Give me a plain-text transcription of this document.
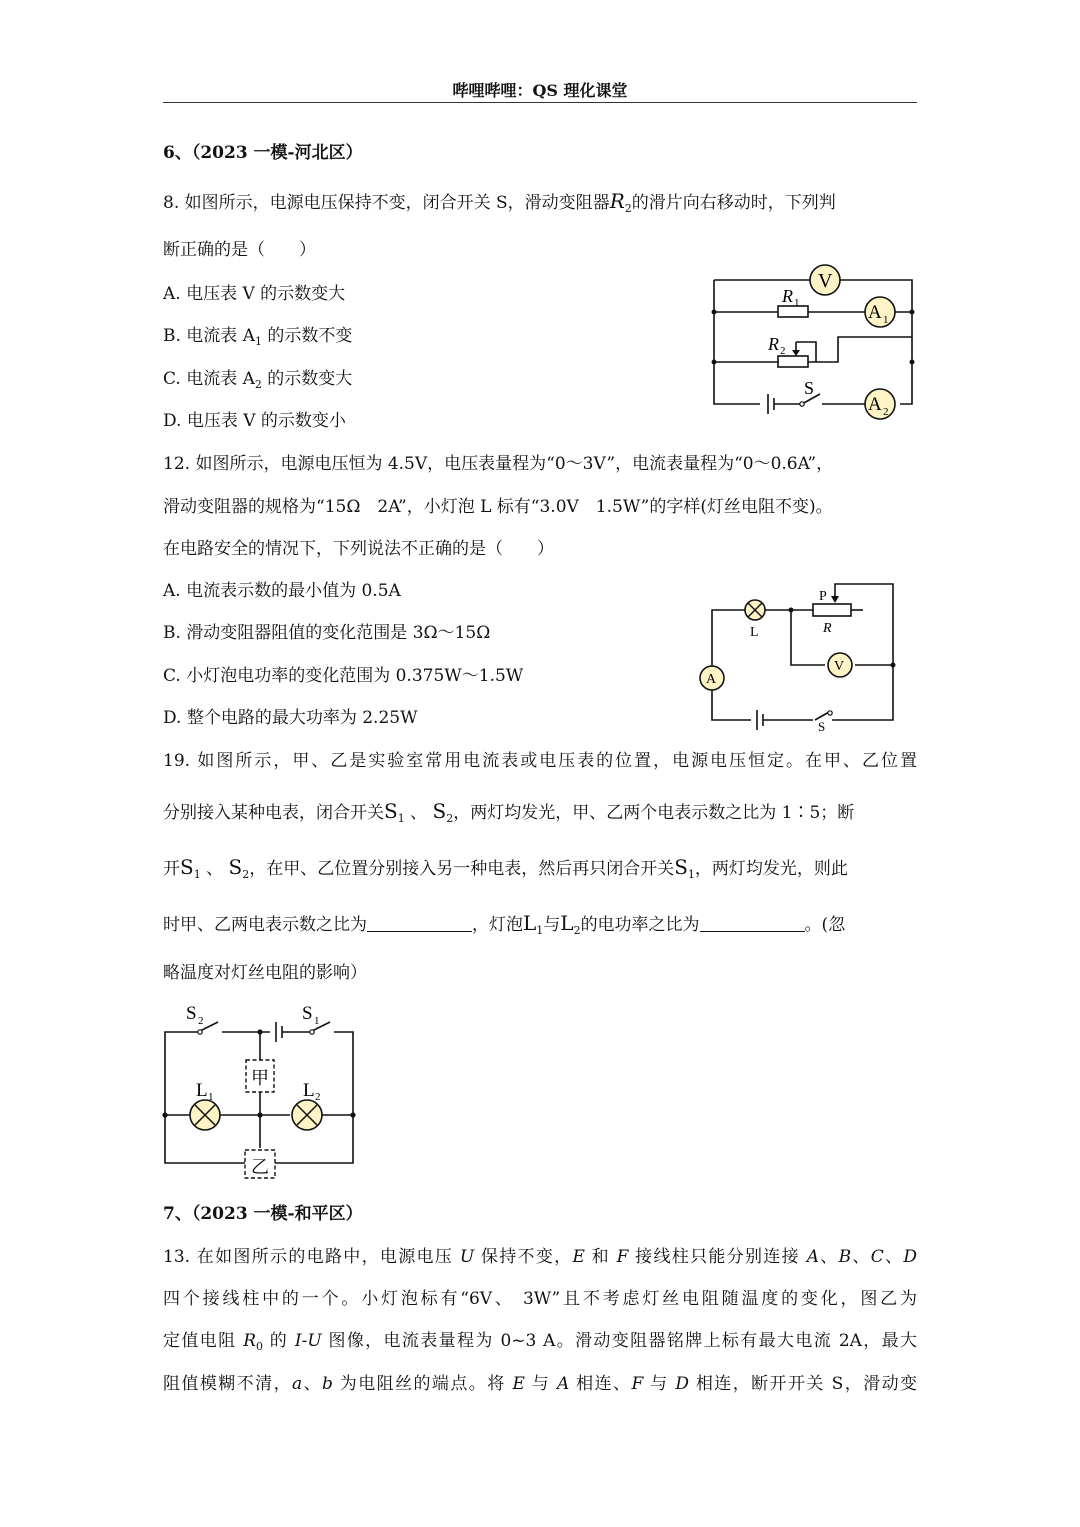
哔哩哔哩：QS 理化课堂
6、（2023 一模-河北区）
8. 如图所示，电源电压保持不变，闭合开关 S，滑动变阻器$R_2$的滑片向右移动时，下列判
断正确的是（　　）
A. 电压表 V 的示数变大
B. 电流表 $A_1$ 的示数不变
C. 电流表 $A_2$ 的示数变大
D. 电压表 V 的示数变小
V
A 1
A 2
R 1
R 2
S
12. 如图所示，电源电压恒为 4.5V，电压表量程为“0～3V”，电流表量程为“0～0.6A”，
滑动变阻器的规格为“15Ω　2A”，小灯泡 L 标有“3.0V　1.5W”的字样(灯丝电阻不变)。
在电路安全的情况下，下列说法不正确的是（　　）
A. 电流表示数的最小值为 0.5A
B. 滑动变阻器阻值的变化范围是 3Ω～15Ω
C. 小灯泡电功率的变化范围为 0.375W～1.5W
D. 整个电路的最大功率为 2.25W
L
P
R
V
A
S
19. 如图所示，甲、乙是实验室常用电流表或电压表的位置，电源电压恒定。在甲、乙位置
分别接入某种电表，闭合开关$S_1$ 、 $S_2$，两灯均发光，甲、乙两个电表示数之比为 1∶5；断
开$S_1$ 、 $S_2$，在甲、乙位置分别接入另一种电表，然后再只闭合开关$S_1$，两灯均发光，则此
时甲、乙两电表示数之比为	，灯泡$L_1$与$L_2$的电功率之比为	。(忽
略温度对灯丝电阻的影响）
S 2	S 1
甲
乙
L 1	L 2
7、（2023 一模-和平区）
13. 在如图所示的电路中，电源电压 U 保持不变，E 和 F 接线柱只能分别连接 A、B、C、D
四个接线柱中的一个。小灯泡标有“6V、 3W”且不考虑灯丝电阻随温度的变化，图乙为
定值电阻 $R_0$ 的 I-U 图像，电流表量程为 0~3 A。滑动变阻器铭牌上标有最大电流 2A，最大
阻值模糊不清，a、b 为电阻丝的端点。将 E 与 A 相连、F 与 D 相连，断开开关 S，滑动变
